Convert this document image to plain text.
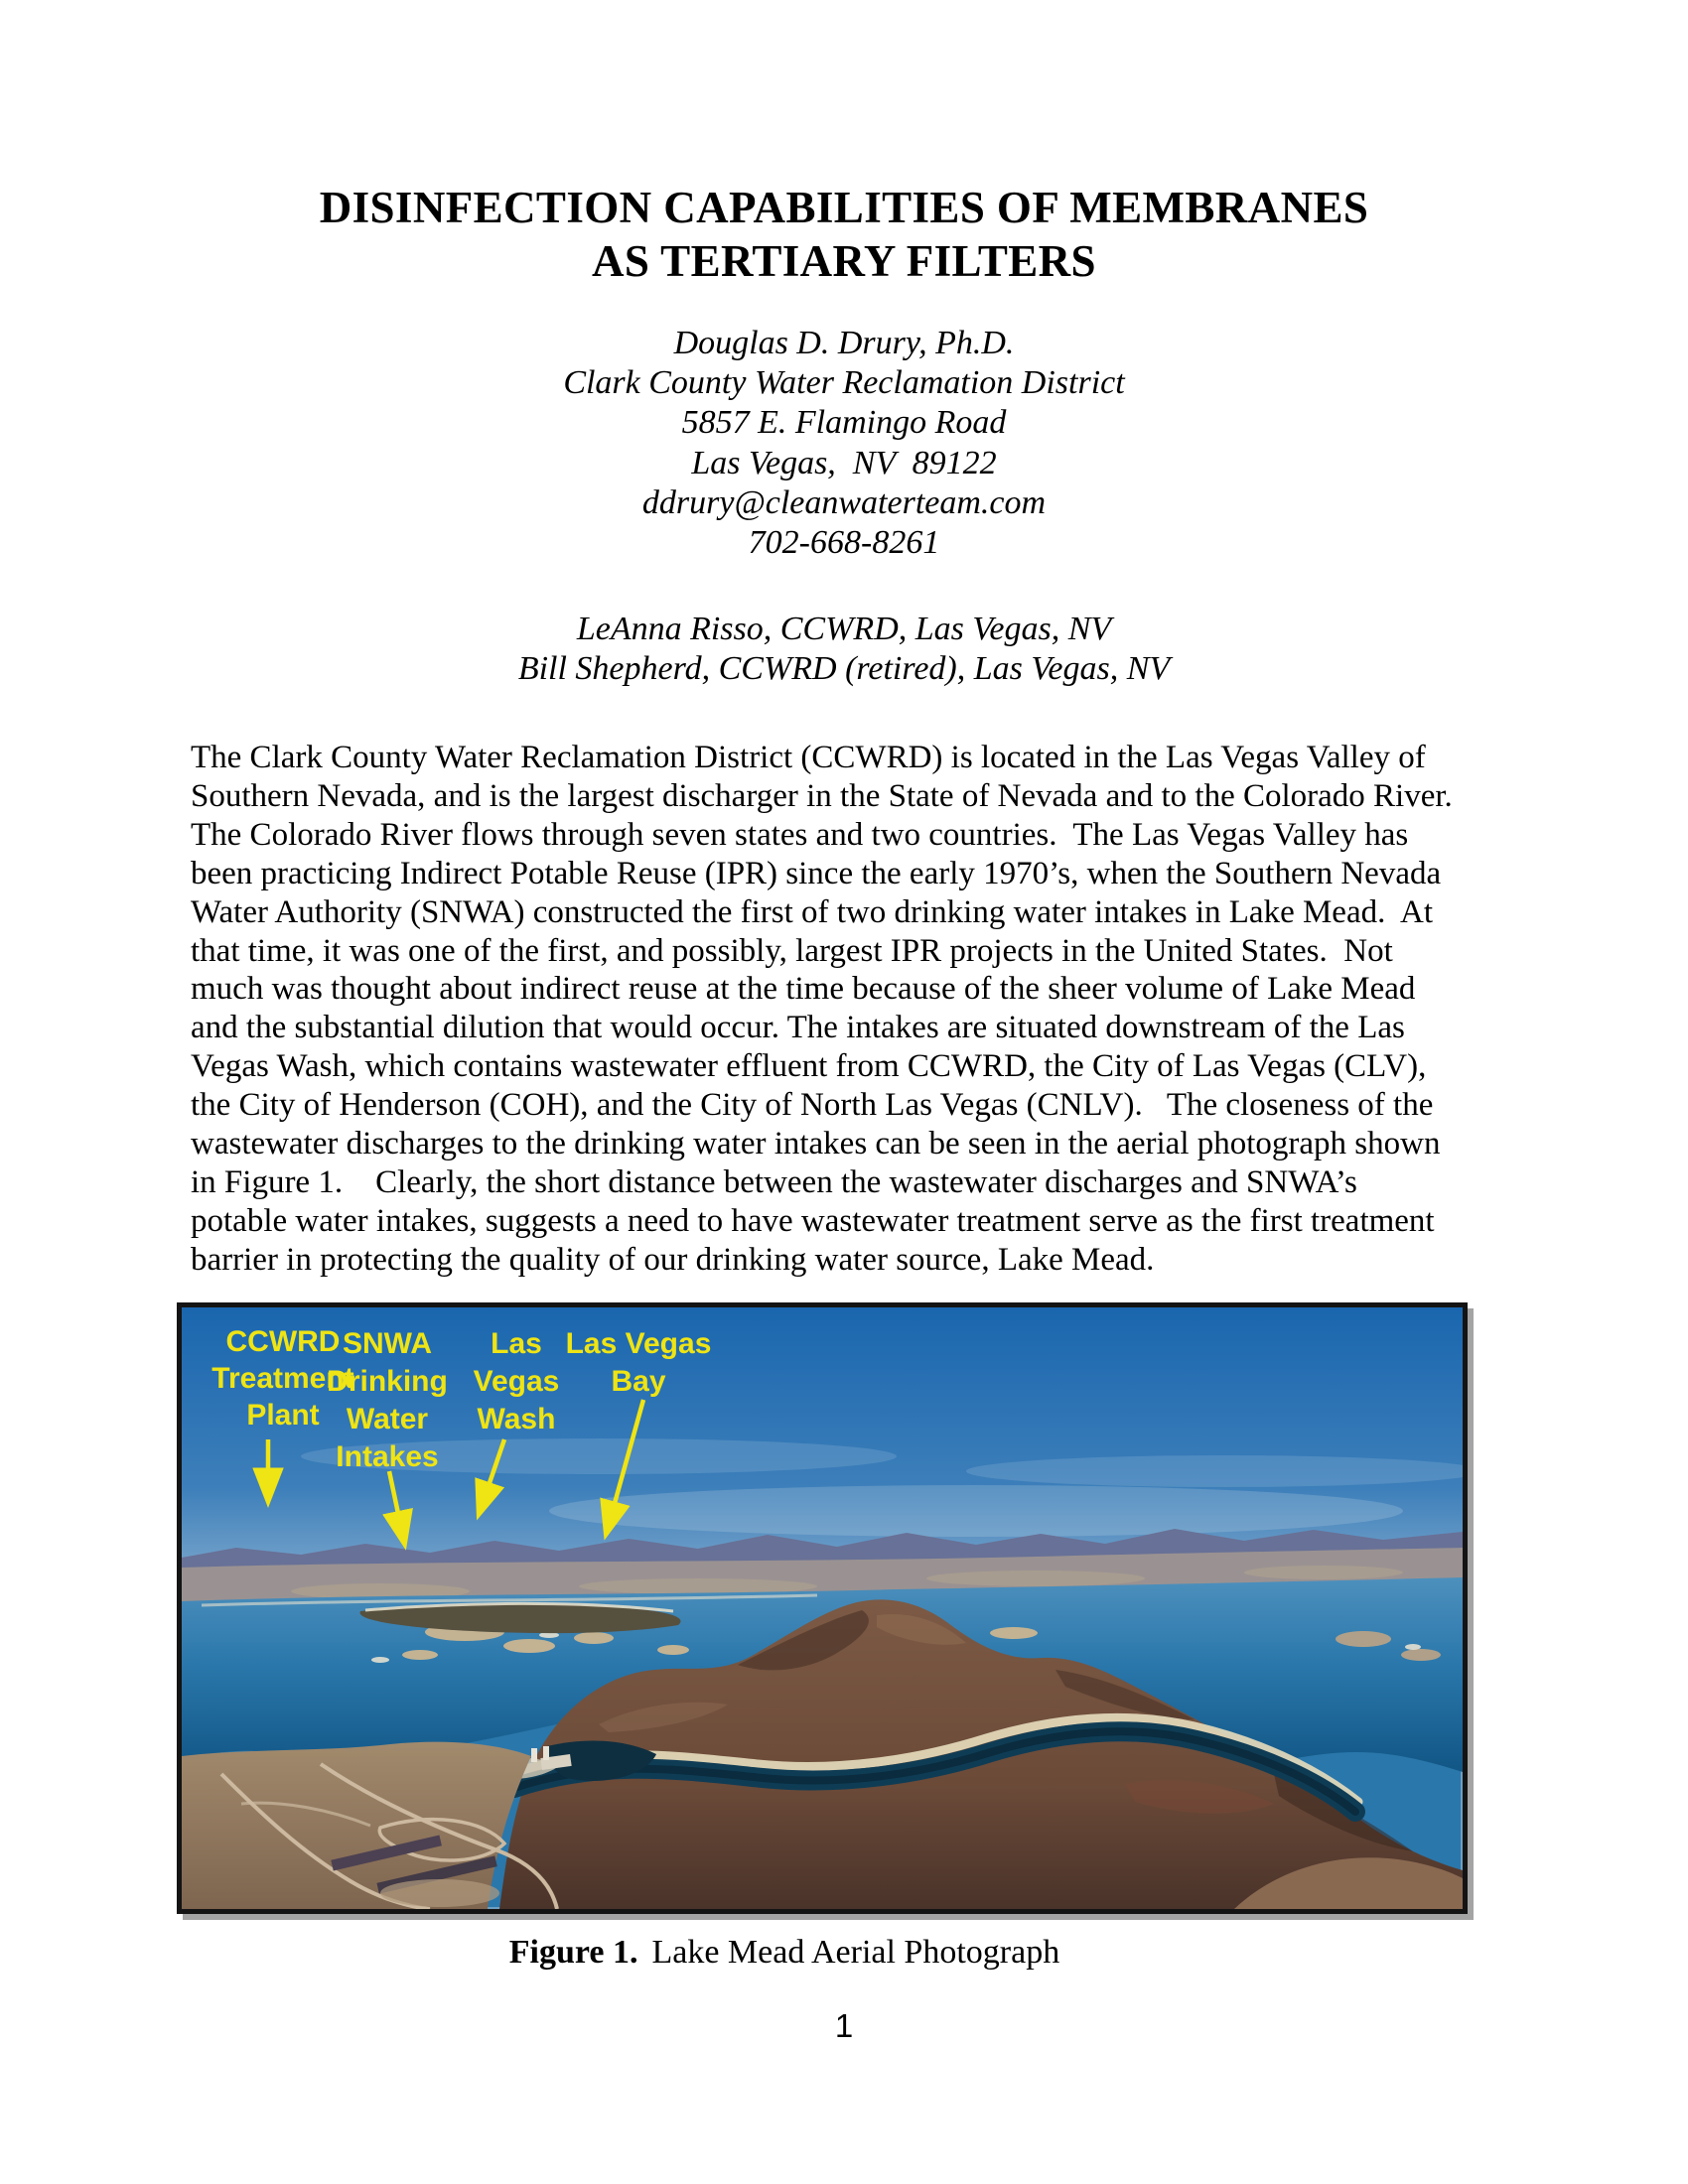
DISINFECTION CAPABILITIES OF MEMBRANES
AS TERTIARY FILTERS
Douglas D. Drury, Ph.D.
Clark County Water Reclamation District
5857 E. Flamingo Road
Las Vegas,  NV  89122
ddrury@cleanwaterteam.com
702-668-8261
LeAnna Risso, CCWRD, Las Vegas, NV
Bill Shepherd, CCWRD (retired), Las Vegas, NV
The Clark County Water Reclamation District (CCWRD) is located in the Las Vegas Valley of
Southern Nevada, and is the largest discharger in the State of Nevada and to the Colorado River.
The Colorado River flows through seven states and two countries.  The Las Vegas Valley has
been practicing Indirect Potable Reuse (IPR) since the early 1970’s, when the Southern Nevada
Water Authority (SNWA) constructed the first of two drinking water intakes in Lake Mead.  At
that time, it was one of the first, and possibly, largest IPR projects in the United States.  Not
much was thought about indirect reuse at the time because of the sheer volume of Lake Mead
and the substantial dilution that would occur. The intakes are situated downstream of the Las
Vegas Wash, which contains wastewater effluent from CCWRD, the City of Las Vegas (CLV),
the City of Henderson (COH), and the City of North Las Vegas (CNLV).   The closeness of the
wastewater discharges to the drinking water intakes can be seen in the aerial photograph shown
in Figure 1.    Clearly, the short distance between the wastewater discharges and SNWA’s
potable water intakes, suggests a need to have wastewater treatment serve as the first treatment
barrier in protecting the quality of our drinking water source, Lake Mead.
CCWRD
Treatment
Plant
SNWA
Drinking
Water
Intakes
Las
Vegas
Wash
Las Vegas
Bay
Figure 1. Lake Mead Aerial Photograph
1
